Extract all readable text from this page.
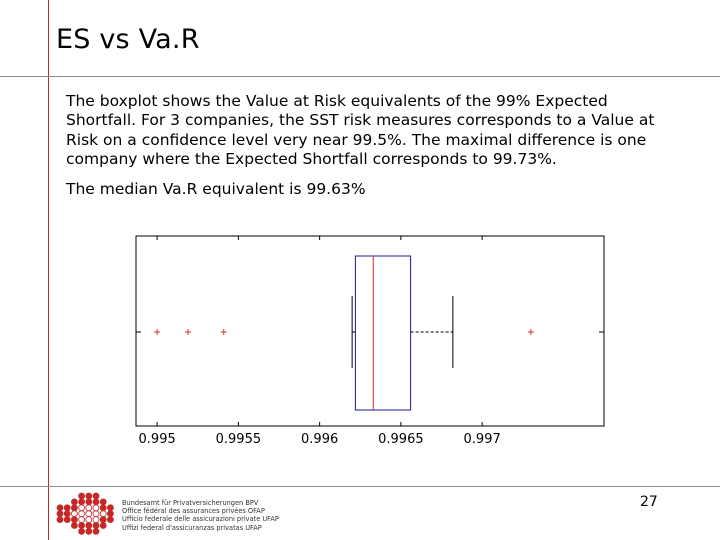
ES vs Va.R
The boxplot shows the Value at Risk equivalents of the 99% Expected Shortfall. For 3 companies, the SST risk measures corresponds to a Value at Risk on a confidence level very near 99.5%. The maximal difference is one company where the Expected Shortfall corresponds to 99.73%.
The median Va.R equivalent is 99.63%
0.995	0.9955	0.996	0.9965	0.997
27
Bundesamt für Privatversicherungen BPV
Office fédéral des assurances privées OFAP
Ufficio federale delle assicurazioni private UFAP
Uffizi federal d'assicuranzas privatas UFAP
